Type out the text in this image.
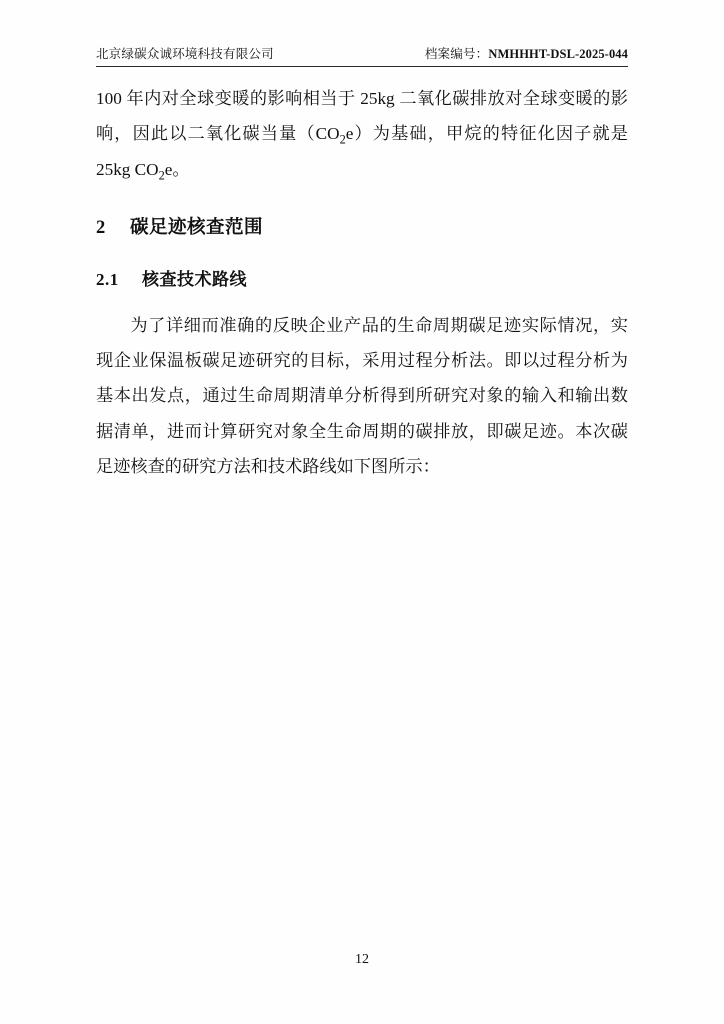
北京绿碳众诚环境科技有限公司	档案编号：NMHHHT-DSL-2025-044

100 年内对全球变暖的影响相当于 25kg 二氧化碳排放对全球变暖的影响，因此以二氧化碳当量$(CO_2e)$为基础，甲烷的特征化因子就是 25kg $CO_2e$。

2 碳足迹核查范围
2.1 核查技术路线

为了详细而准确的反映企业产品的生命周期碳足迹实际情况，实现企业保温板碳足迹研究的目标，采用过程分析法。即以过程分析为基本出发点，通过生命周期清单分析得到所研究对象的输入和输出数据清单，进而计算研究对象全生命周期的碳排放，即碳足迹。本次碳足迹核查的研究方法和技术路线如下图所示：

12
